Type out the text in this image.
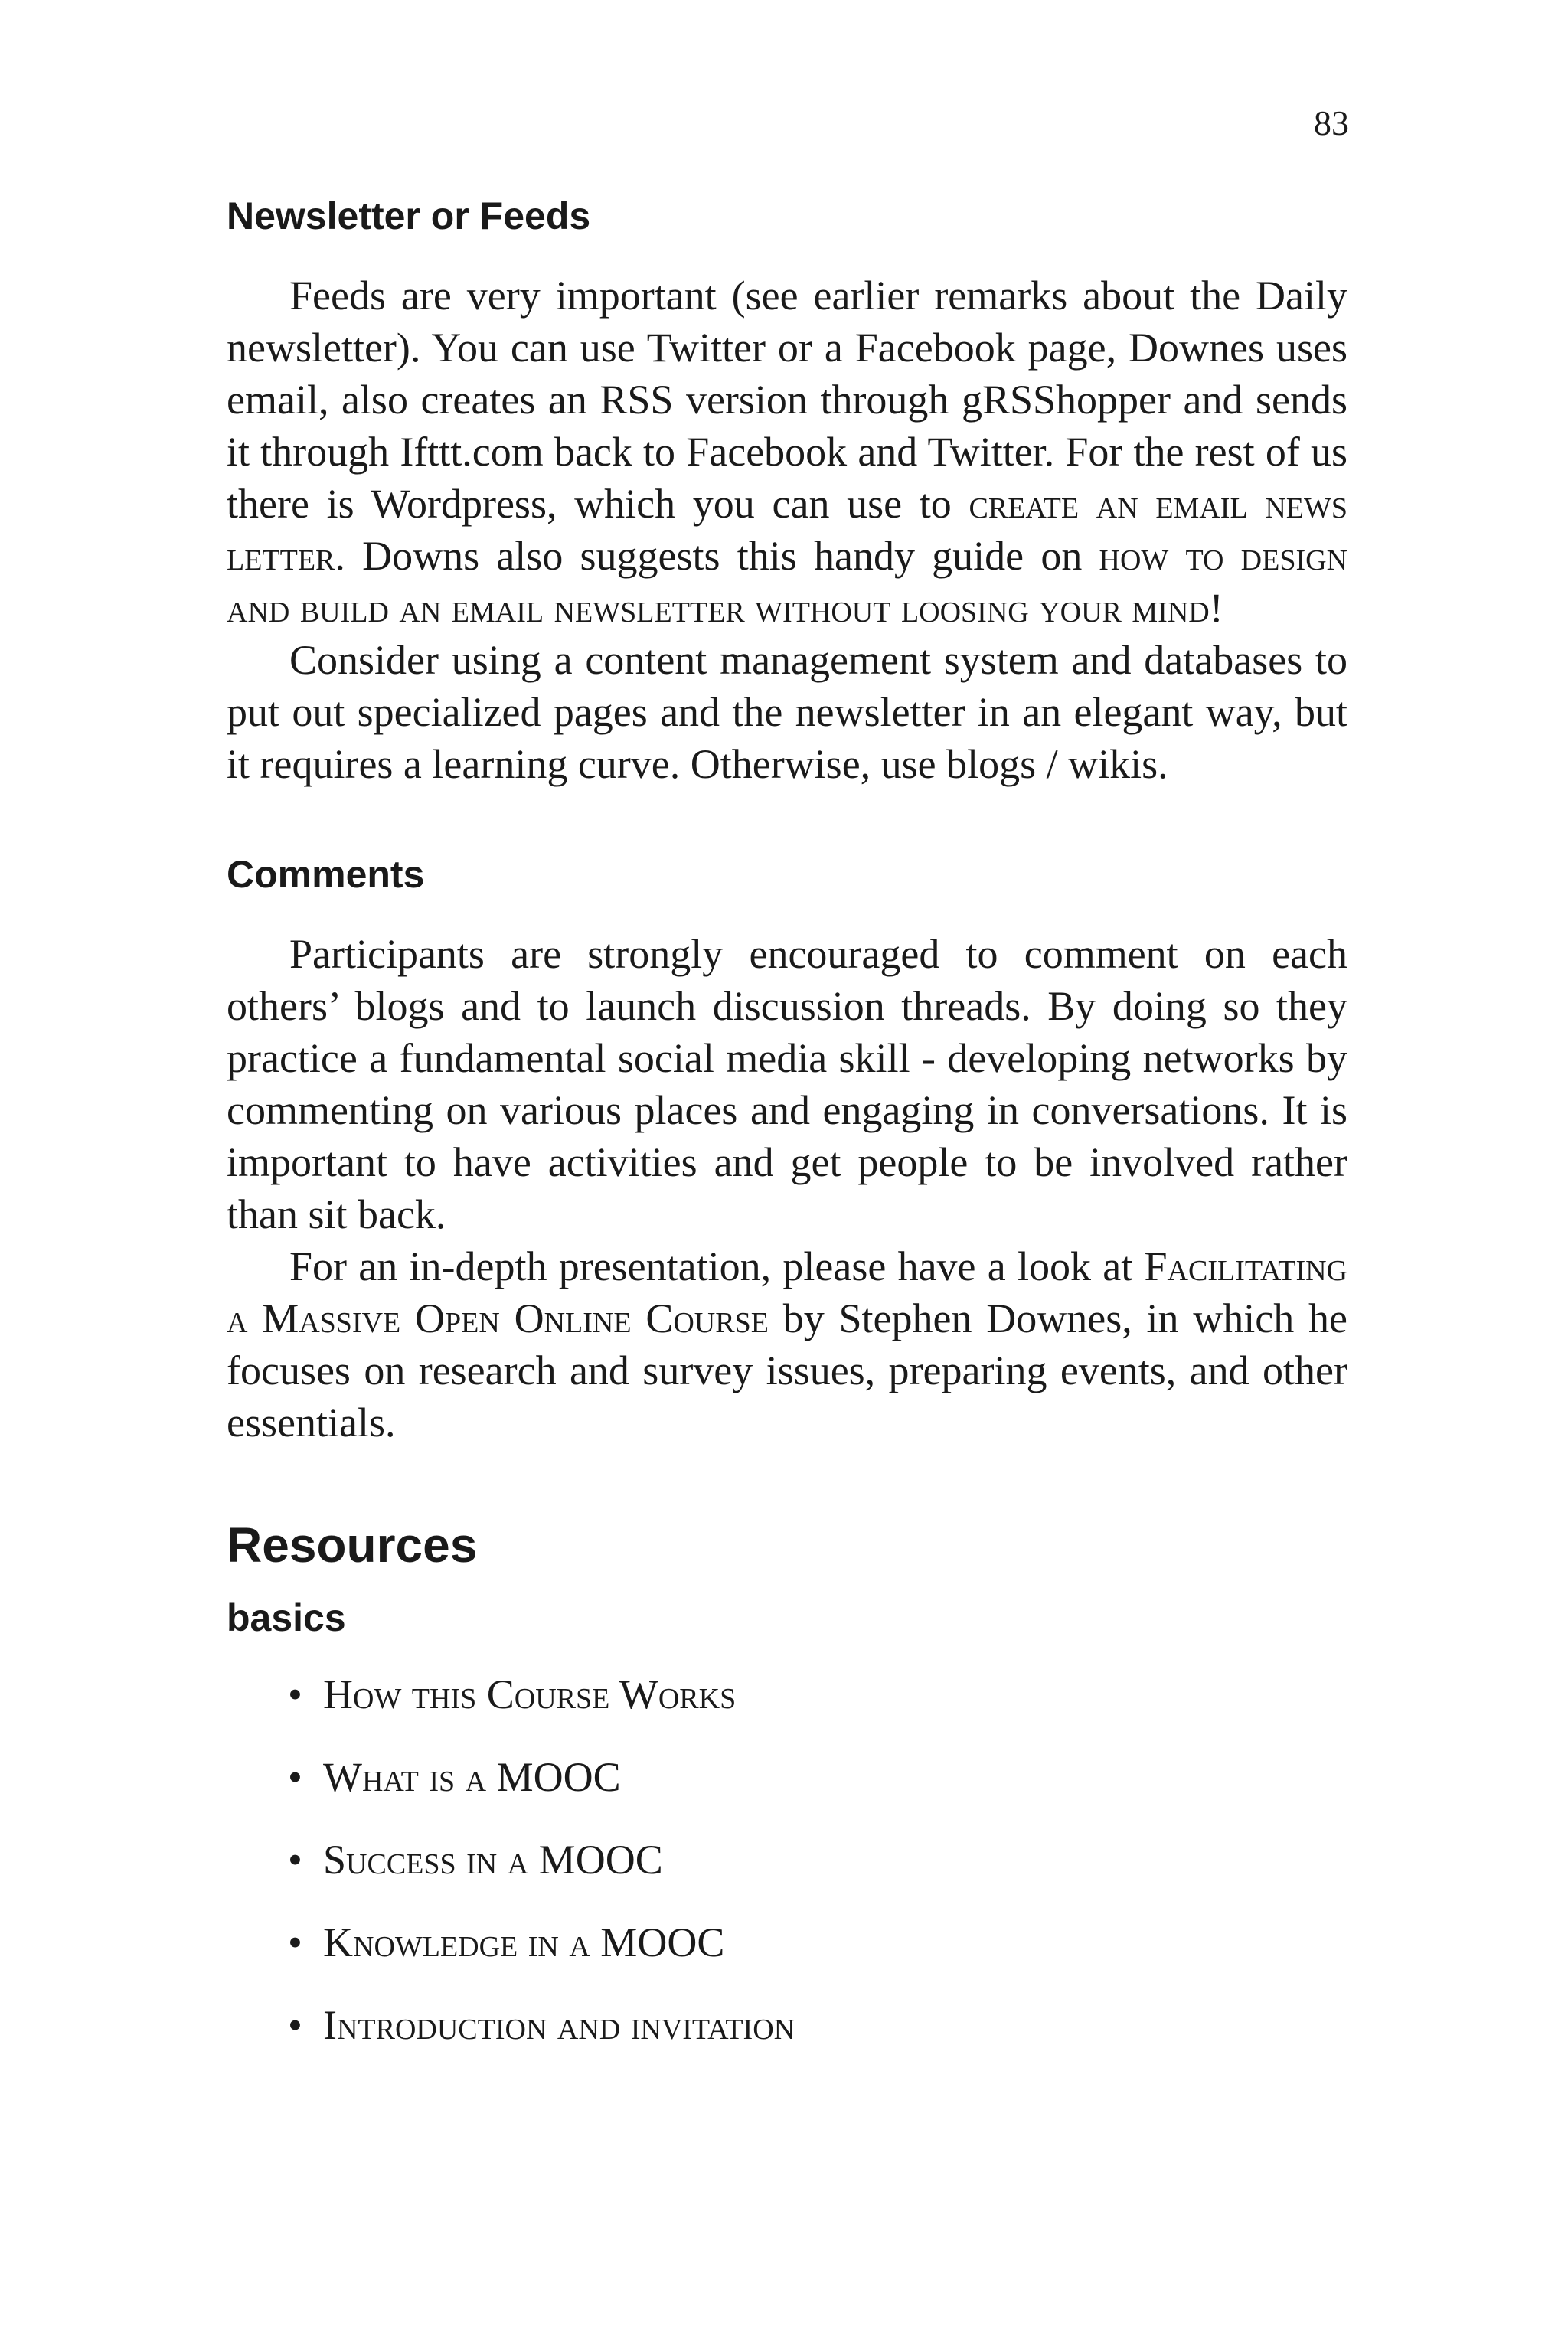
83
Newsletter or Feeds

Feeds are very important (see earlier remarks about the Daily newsletter). You can use Twitter or a Facebook page, Downes uses email, also creates an RSS version through gRSShopper and sends it through Ifttt.com back to Facebook and Twitter. For the rest of us there is Wordpress, which you can use to create an email news letter. Downs also suggests this handy guide on how to design and build an email newsletter without loosing your mind!

Consider using a content management system and databases to put out specialized pages and the newsletter in an elegant way, but it requires a learning curve. Otherwise, use blogs / wikis.

Comments

Participants are strongly encouraged to comment on each others’ blogs and to launch discussion threads. By doing so they practice a fundamental social media skill - developing networks by commenting on various places and engaging in conversations. It is important to have activities and get people to be involved rather than sit back.

For an in-depth presentation, please have a look at Facilitating a Massive Open Online Course by Stephen Downes, in which he focuses on research and survey issues, preparing events, and other essentials.

Resources
basics
• How this Course Works
• What is a MOOC
• Success in a MOOC
• Knowledge in a MOOC
• Introduction and invitation
